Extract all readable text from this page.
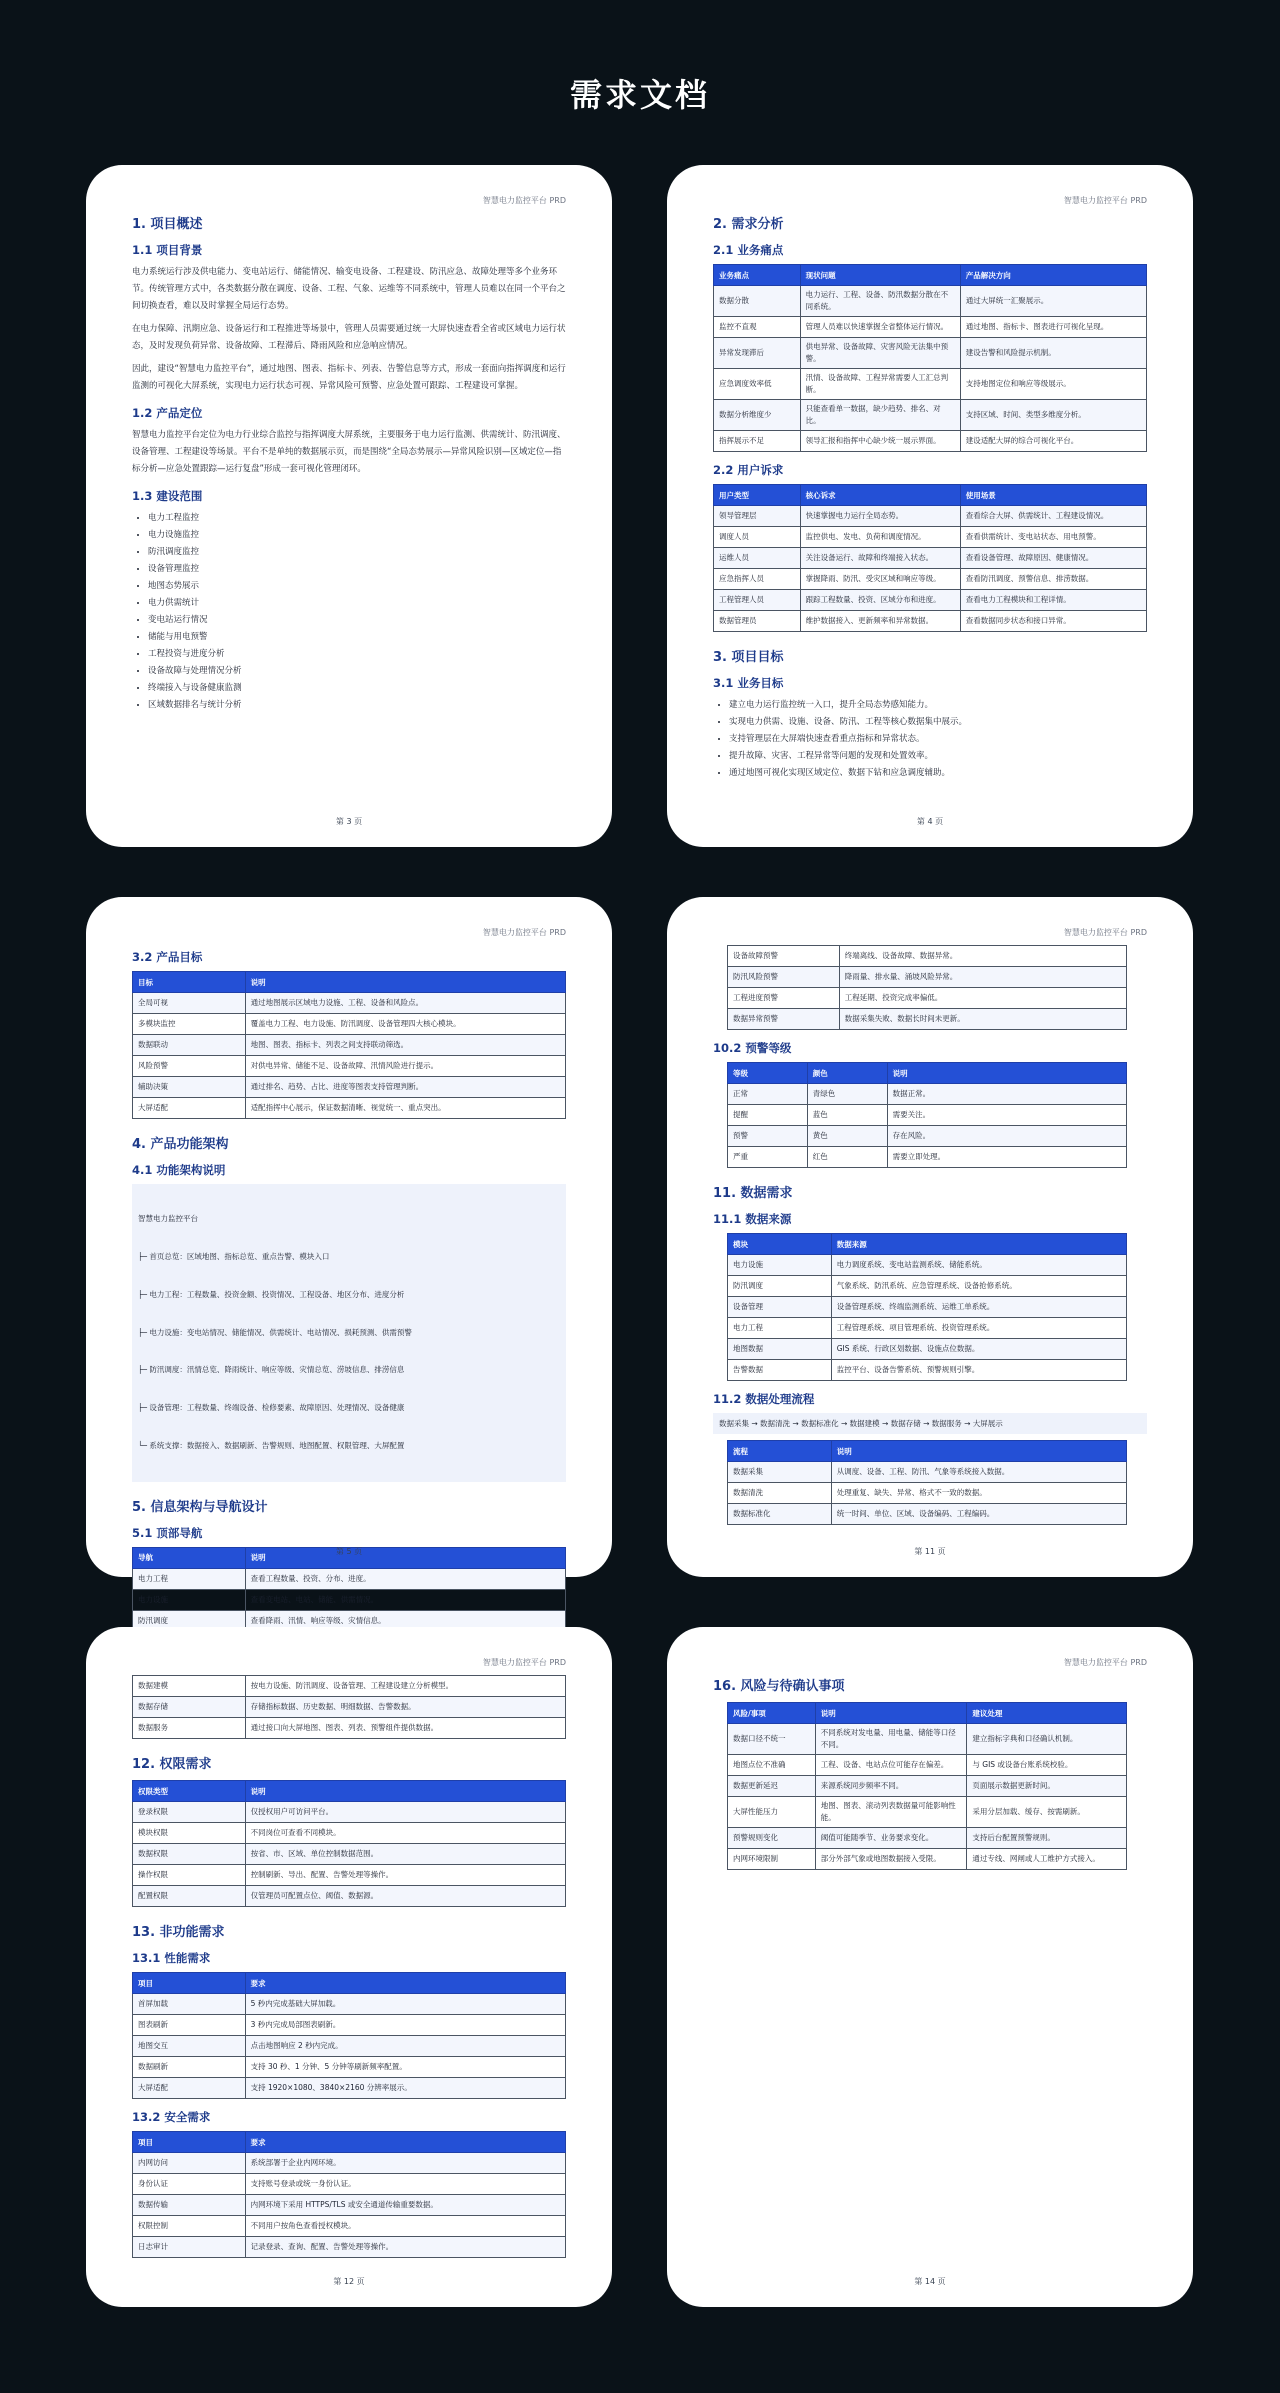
需求文档
智慧电力监控平台 PRD
1. 项目概述
1.1 项目背景

电力系统运行涉及供电能力、变电站运行、储能情况、输变电设备、工程建设、防汛应急、故障处理等多个业务环节。传统管理方式中，各类数据分散在调度、设备、工程、气象、运维等不同系统中，管理人员难以在同一个平台之间切换查看，难以及时掌握全局运行态势。

在电力保障、汛期应急、设备运行和工程推进等场景中，管理人员需要通过统一大屏快速查看全省或区域电力运行状态，及时发现负荷异常、设备故障、工程滞后、降雨风险和应急响应情况。

因此，建设“智慧电力监控平台”，通过地图、图表、指标卡、列表、告警信息等方式，形成一套面向指挥调度和运行监测的可视化大屏系统，实现电力运行状态可视、异常风险可预警、应急处置可跟踪、工程建设可掌握。

1.2 产品定位

智慧电力监控平台定位为电力行业综合监控与指挥调度大屏系统，主要服务于电力运行监测、供需统计、防汛调度、设备管理、工程建设等场景。平台不是单纯的数据展示页，而是围绕“全局态势展示—异常风险识别—区域定位—指标分析—应急处置跟踪—运行复盘”形成一套可视化管理闭环。

1.3 建设范围
• 电力工程监控
• 电力设施监控
• 防汛调度监控
• 设备管理监控
• 地图态势展示
• 电力供需统计
• 变电站运行情况
• 储能与用电预警
• 工程投资与进度分析
• 设备故障与处理情况分析
• 终端接入与设备健康监测
• 区域数据排名与统计分析
第 3 页
智慧电力监控平台 PRD
2. 需求分析
2.1 业务痛点
业务痛点	现状问题	产品解决方向
数据分散	电力运行、工程、设备、防汛数据分散在不同系统。	通过大屏统一汇聚展示。
监控不直观	管理人员难以快速掌握全省整体运行情况。	通过地图、指标卡、图表进行可视化呈现。
异常发现滞后	供电异常、设备故障、灾害风险无法集中预警。	建设告警和风险提示机制。
应急调度效率低	汛情、设备故障、工程异常需要人工汇总判断。	支持地图定位和响应等级展示。
数据分析维度少	只能查看单一数据，缺少趋势、排名、对比。	支持区域、时间、类型多维度分析。
指挥展示不足	领导汇报和指挥中心缺少统一展示界面。	建设适配大屏的综合可视化平台。
2.2 用户诉求
用户类型	核心诉求	使用场景
领导管理层	快速掌握电力运行全局态势。	查看综合大屏、供需统计、工程建设情况。
调度人员	监控供电、发电、负荷和调度情况。	查看供需统计、变电站状态、用电预警。
运维人员	关注设备运行、故障和终端接入状态。	查看设备管理、故障原因、健康情况。
应急指挥人员	掌握降雨、防汛、受灾区域和响应等级。	查看防汛调度、预警信息、排涝数据。
工程管理人员	跟踪工程数量、投资、区域分布和进度。	查看电力工程模块和工程详情。
数据管理员	维护数据接入、更新频率和异常数据。	查看数据同步状态和接口异常。
3. 项目目标
3.1 业务目标
• 建立电力运行监控统一入口，提升全局态势感知能力。
• 实现电力供需、设施、设备、防汛、工程等核心数据集中展示。
• 支持管理层在大屏端快速查看重点指标和异常状态。
• 提升故障、灾害、工程异常等问题的发现和处置效率。
• 通过地图可视化实现区域定位、数据下钻和应急调度辅助。
第 4 页
智慧电力监控平台 PRD
3.2 产品目标
目标	说明
全局可视	通过地图展示区域电力设施、工程、设备和风险点。
多模块监控	覆盖电力工程、电力设施、防汛调度、设备管理四大核心模块。
数据联动	地图、图表、指标卡、列表之间支持联动筛选。
风险预警	对供电异常、储能不足、设备故障、汛情风险进行提示。
辅助决策	通过排名、趋势、占比、进度等图表支持管理判断。
大屏适配	适配指挥中心展示，保证数据清晰、视觉统一、重点突出。
4. 产品功能架构
4.1 功能架构说明

智慧电力监控平台

├─ 首页总览：区域地图、指标总览、重点告警、模块入口

├─ 电力工程：工程数量、投资金额、投资情况、工程设备、地区分布、进度分析

├─ 电力设施：变电站情况、储能情况、供需统计、电站情况、损耗预测、供需预警

├─ 防汛调度：汛情总览、降雨统计、响应等级、灾情总览、涝坡信息、排涝信息

├─ 设备管理：工程数量、终端设备、检修要素、故障原因、处理情况、设备健康

└─ 系统支撑：数据接入、数据刷新、告警规则、地图配置、权限管理、大屏配置

5. 信息架构与导航设计
5.1 顶部导航
导航	说明
电力工程	查看工程数量、投资、分布、进度。
电力设施	查看变电站、电站、储能、供需情况。
防汛调度	查看降雨、汛情、响应等级、灾情信息。

第 5 页
智慧电力监控平台 PRD
设备故障预警	终端离线、设备故障、数据异常。
防汛风险预警	降雨量、排水量、涌坡风险异常。
工程进度预警	工程延期、投资完成率偏低。
数据异常预警	数据采集失败、数据长时间未更新。
10.2 预警等级
等级	颜色	说明
正常	青绿色	数据正常。
提醒	蓝色	需要关注。
预警	黄色	存在风险。
严重	红色	需要立即处理。
11. 数据需求
11.1 数据来源
模块	数据来源
电力设施	电力调度系统、变电站监测系统、储能系统。
防汛调度	气象系统、防汛系统、应急管理系统、设备抢修系统。
设备管理	设备管理系统、终端监测系统、运维工单系统。
电力工程	工程管理系统、项目管理系统、投资管理系统。
地图数据	GIS 系统、行政区划数据、设施点位数据。
告警数据	监控平台、设备告警系统、预警规则引擎。
11.2 数据处理流程
数据采集 → 数据清洗 → 数据标准化 → 数据建模 → 数据存储 → 数据服务 → 大屏展示
流程	说明
数据采集	从调度、设备、工程、防汛、气象等系统接入数据。
数据清洗	处理重复、缺失、异常、格式不一致的数据。
数据标准化	统一时间、单位、区域、设备编码、工程编码。
第 11 页
智慧电力监控平台 PRD
数据建模	按电力设施、防汛调度、设备管理、工程建设建立分析模型。
数据存储	存储指标数据、历史数据、明细数据、告警数据。
数据服务	通过接口向大屏地图、图表、列表、预警组件提供数据。
12. 权限需求
权限类型	说明
登录权限	仅授权用户可访问平台。
模块权限	不同岗位可查看不同模块。
数据权限	按省、市、区域、单位控制数据范围。
操作权限	控制刷新、导出、配置、告警处理等操作。
配置权限	仅管理员可配置点位、阈值、数据源。
13. 非功能需求
13.1 性能需求
项目	要求
首屏加载	5 秒内完成基础大屏加载。
图表刷新	3 秒内完成局部图表刷新。
地图交互	点击地图响应 2 秒内完成。
数据刷新	支持 30 秒、1 分钟、5 分钟等刷新频率配置。
大屏适配	支持 1920×1080、3840×2160 分辨率展示。
13.2 安全需求
项目	要求
内网访问	系统部署于企业内网环境。
身份认证	支持账号登录或统一身份认证。
数据传输	内网环境下采用 HTTPS/TLS 或安全通道传输重要数据。
权限控制	不同用户按角色查看授权模块。
日志审计	记录登录、查询、配置、告警处理等操作。
第 12 页
智慧电力监控平台 PRD
16. 风险与待确认事项
风险/事项	说明	建议处理
数据口径不统一	不同系统对发电量、用电量、储能等口径不同。	建立指标字典和口径确认机制。
地图点位不准确	工程、设备、电站点位可能存在偏差。	与 GIS 或设备台账系统校验。
数据更新延迟	来源系统同步频率不同。	页面展示数据更新时间。
大屏性能压力	地图、图表、滚动列表数据量可能影响性能。	采用分层加载、缓存、按需刷新。
预警规则变化	阈值可能随季节、业务要求变化。	支持后台配置预警规则。
内网环境限制	部分外部气象或地图数据接入受限。	通过专线、网闸或人工维护方式接入。
第 14 页
